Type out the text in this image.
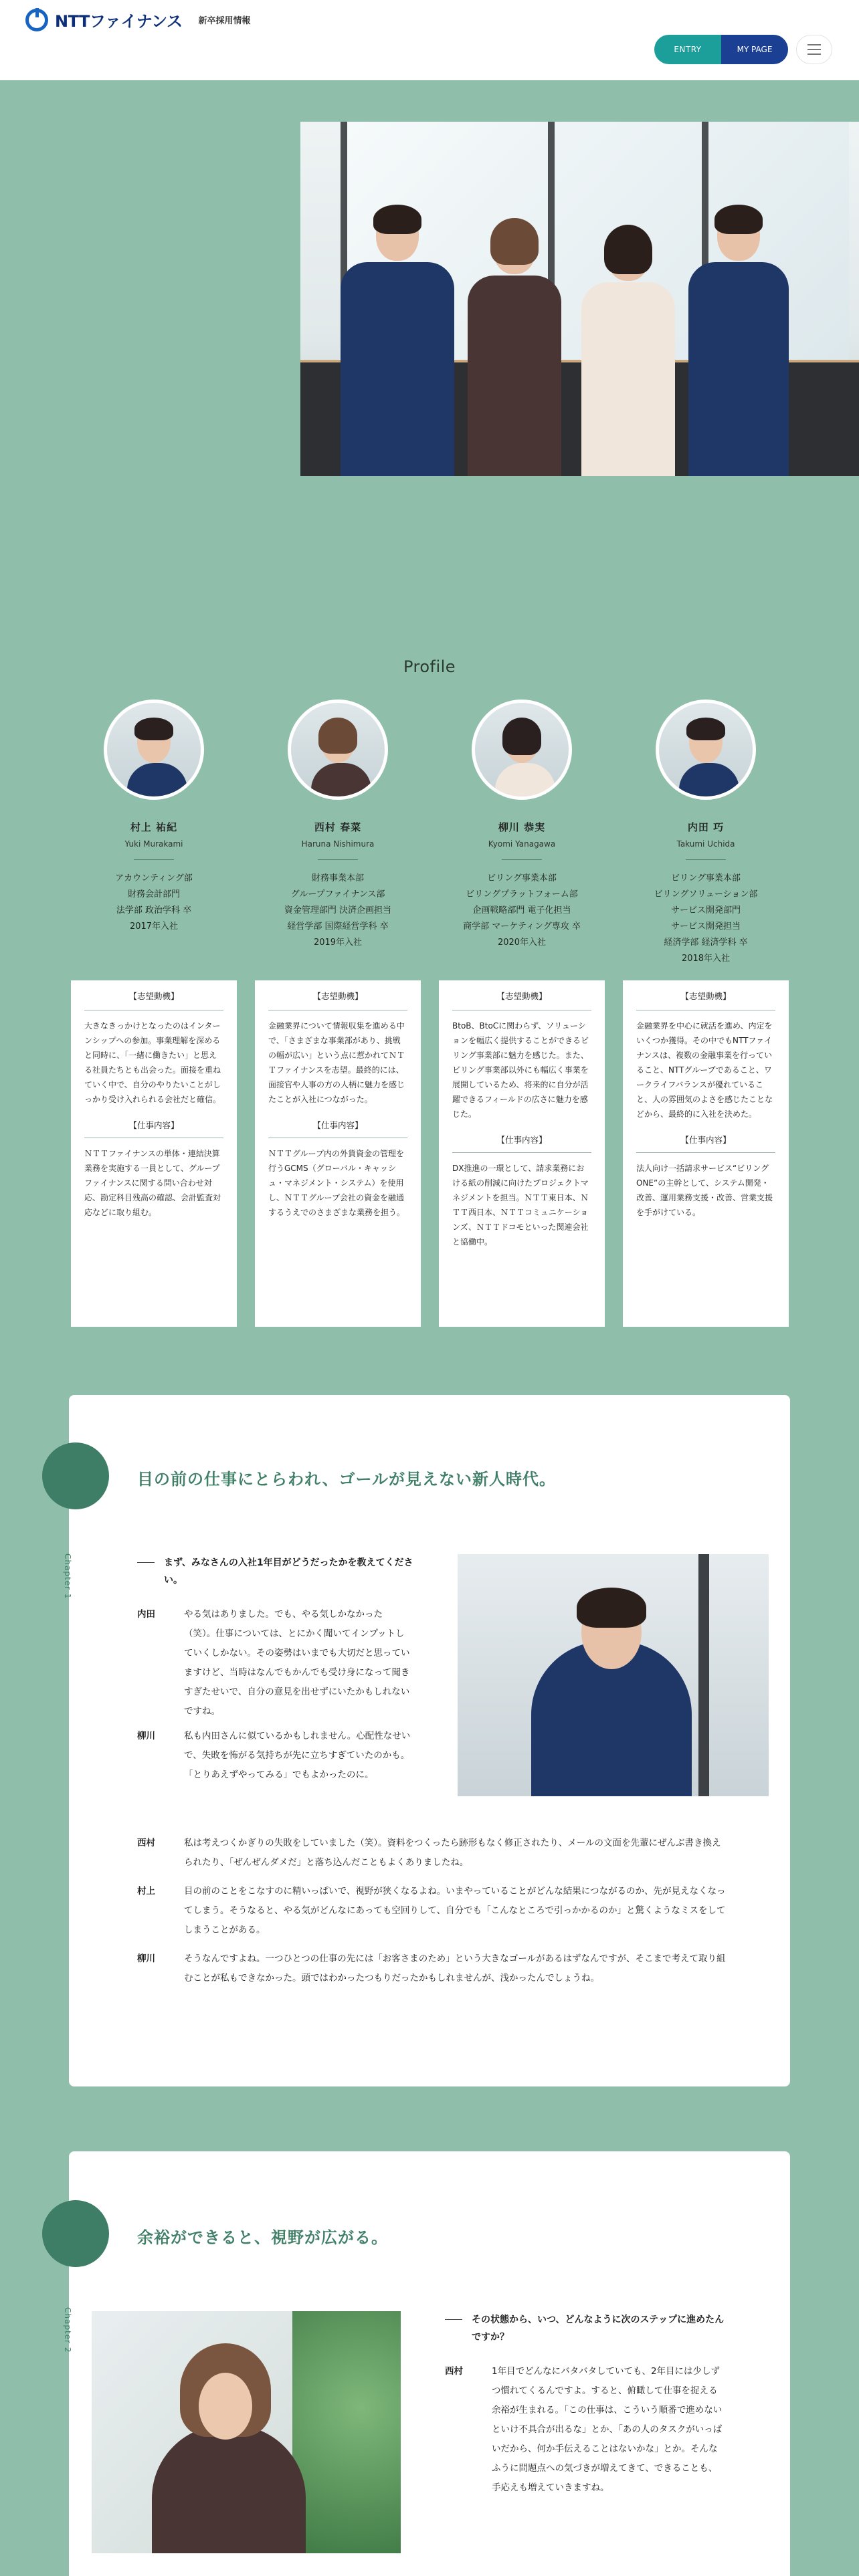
NTTファイナンス 新卒採用情報
ENTRY	MY PAGE
Profile
村上 祐紀
Yuki Murakami
アカウンティング部
財務会計部門
法学部 政治学科 卒
2017年入社
西村 春菜
Haruna Nishimura
財務事業本部
グループファイナンス部
資金管理部門 決済企画担当
経営学部 国際経営学科 卒
2019年入社
柳川 恭実
Kyomi Yanagawa
ビリング事業本部
ビリングプラットフォーム部
企画戦略部門 電子化担当
商学部 マーケティング専攻 卒
2020年入社
内田 巧
Takumi Uchida
ビリング事業本部
ビリングソリューション部
サービス開発部門
サービス開発担当
経済学部 経済学科 卒
2018年入社
【志望動機】

大きなきっかけとなったのはインターンシップへの参加。事業理解を深めると同時に、「一緒に働きたい」と思える社員たちとも出会った。面接を重ねていく中で、自分のやりたいことがしっかり受け入れられる会社だと確信。

【仕事内容】

ＮＴＴファイナンスの単体・連結決算業務を実施する一員として、グループファイナンスに関する問い合わせ対応、勘定科目残高の確認、会計監査対応などに取り組む。

【志望動機】

金融業界について情報収集を進める中で、「さまざまな事業部があり、挑戦の幅が広い」という点に惹かれてＮＴＴファイナンスを志望。最終的には、面接官や人事の方の人柄に魅力を感じたことが入社につながった。

【仕事内容】

ＮＴＴグループ内の外貨資金の管理を行うGCMS（グローバル・キャッシュ・マネジメント・システム）を使用し、ＮＴＴグループ会社の資金を融通するうえでのさまざまな業務を担う。

【志望動機】

BtoB、BtoCに関わらず、ソリューションを幅広く提供することができるビリング事業部に魅力を感じた。また、ビリング事業部以外にも幅広く事業を展開しているため、将来的に自分が活躍できるフィールドの広さに魅力を感じた。

【仕事内容】

DX推進の一環として、請求業務における紙の削減に向けたプロジェクトマネジメントを担当。ＮＴＴ東日本、ＮＴＴ西日本、ＮＴＴコミュニケーションズ、ＮＴＴドコモといった関連会社と協働中。

【志望動機】

金融業界を中心に就活を進め、内定をいくつか獲得。その中でもNTTファイナンスは、複数の金融事業を行っていること、NTTグループであること、ワークライフバランスが優れていること、人の雰囲気のよさを感じたことなどから、最終的に入社を決めた。

【仕事内容】

法人向け一括請求サービス“ビリングONE”の主幹として、システム開発・改善、運用業務支援・改善、営業支援を手がけている。

目の前の仕事にとらわれ、ゴールが見えない新人時代。
Chapter 1	まず、みなさんの入社1年目がどうだったかを教えてください。
内田	やる気はありました。でも、やる気しかなかった（笑）。仕事については、とにかく聞いてインプットしていくしかない。その姿勢はいまでも大切だと思っていますけど、当時はなんでもかんでも受け身になって聞きすぎたせいで、自分の意見を出せずにいたかもしれないですね。
柳川	私も内田さんに似ているかもしれません。心配性なせいで、失敗を怖がる気持ちが先に立ちすぎていたのかも。「とりあえずやってみる」でもよかったのに。
西村	私は考えつくかぎりの失敗をしていました（笑）。資料をつくったら跡形もなく修正されたり、メールの文面を先輩にぜんぶ書き換えられたり、「ぜんぜんダメだ」と落ち込んだこともよくありましたね。
村上	目の前のことをこなすのに精いっぱいで、視野が狭くなるよね。いまやっていることがどんな結果につながるのか、先が見えなくなってしまう。そうなると、やる気がどんなにあっても空回りして、自分でも「こんなところで引っかかるのか」と驚くようなミスをしてしまうことがある。
柳川	そうなんですよね。一つひとつの仕事の先には「お客さまのため」という大きなゴールがあるはずなんですが、そこまで考えて取り組むことが私もできなかった。頭ではわかったつもりだったかもしれませんが、浅かったんでしょうね。
余裕ができると、視野が広がる。
Chapter 2	その状態から、いつ、どんなように次のステップに進めたんですか？
西村	1年目でどんなにバタバタしていても、2年目には少しずつ慣れてくるんですよ。すると、俯瞰して仕事を捉える余裕が生まれる。「この仕事は、こういう順番で進めないといけ不具合が出るな」とか、「あの人のタスクがいっぱいだから、何か手伝えることはないかな」とか。そんなふうに問題点への気づきが増えてきて、できることも、手応えも増えていきますね。
